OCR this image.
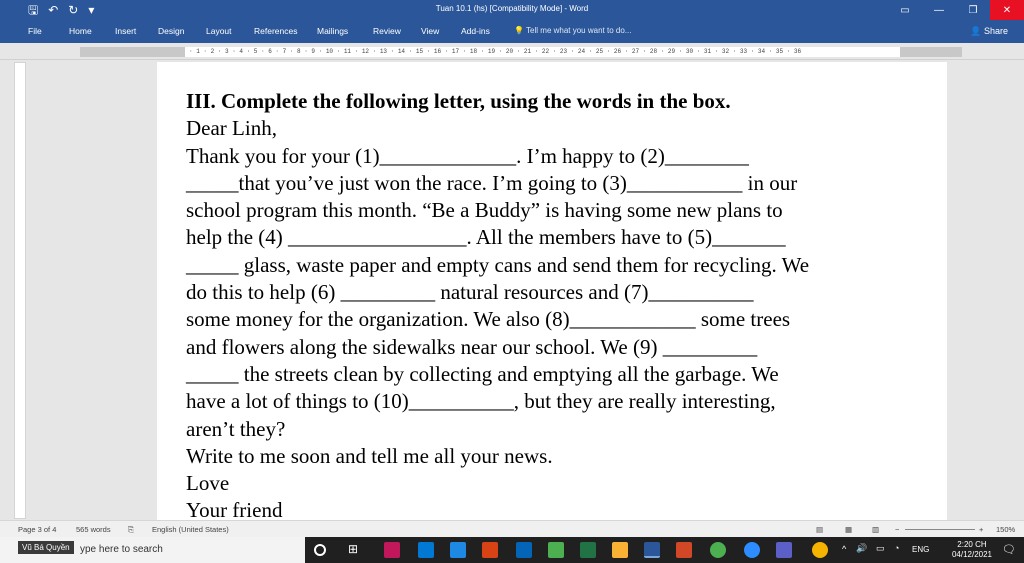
🖫 ↶ ↻ ▾	Tuan 10.1 (hs) [Compatibility Mode] - Word	▭	—	❐	✕
File	Home	Insert	Design	Layout	References Mailings	Review View	Add-ins	💡 Tell me what you want to do...	👤 Share
· 1 · 2 · 3 · 4 · 5 · 6 · 7 · 8 · 9 · 10 · 11 · 12 · 13 · 14 · 15 · 16 · 17 · 18 · 19 · 20 · 21 · 22 · 23 · 24 · 25 · 26 · 27 · 28 · 29 · 30 · 31 · 32 · 33 · 34 · 35 · 36

III. Complete the following letter, using the words in the box.

Dear Linh,

Thank you for your (1)_____________. I’m happy to (2)________

_____that you’ve just won the race. I’m going to (3)___________ in our

school program this month. “Be a Buddy” is having some new plans to

help the (4) _________________. All the members have to (5)_______

_____ glass, waste paper and empty cans and send them for recycling. We

do this to help (6) _________ natural resources and (7)__________

some money for the organization. We also (8)____________ some trees

and flowers along the sidewalks near our school. We (9) _________

_____ the streets clean by collecting and emptying all the garbage. We

have a lot of things to (10)__________, but they are really interesting,

aren’t they?

Write to me soon and tell me all your news.

Love

Your friend

Page 3 of 4	565 words ⎘ English (United States)	▤	▦	▥ −	+ 150%
Vũ Bá Quyền	ype here to search	⊞	^ 🔊 ▭ ◔ ENG
2:20 CH
04/12/2021 🗨
